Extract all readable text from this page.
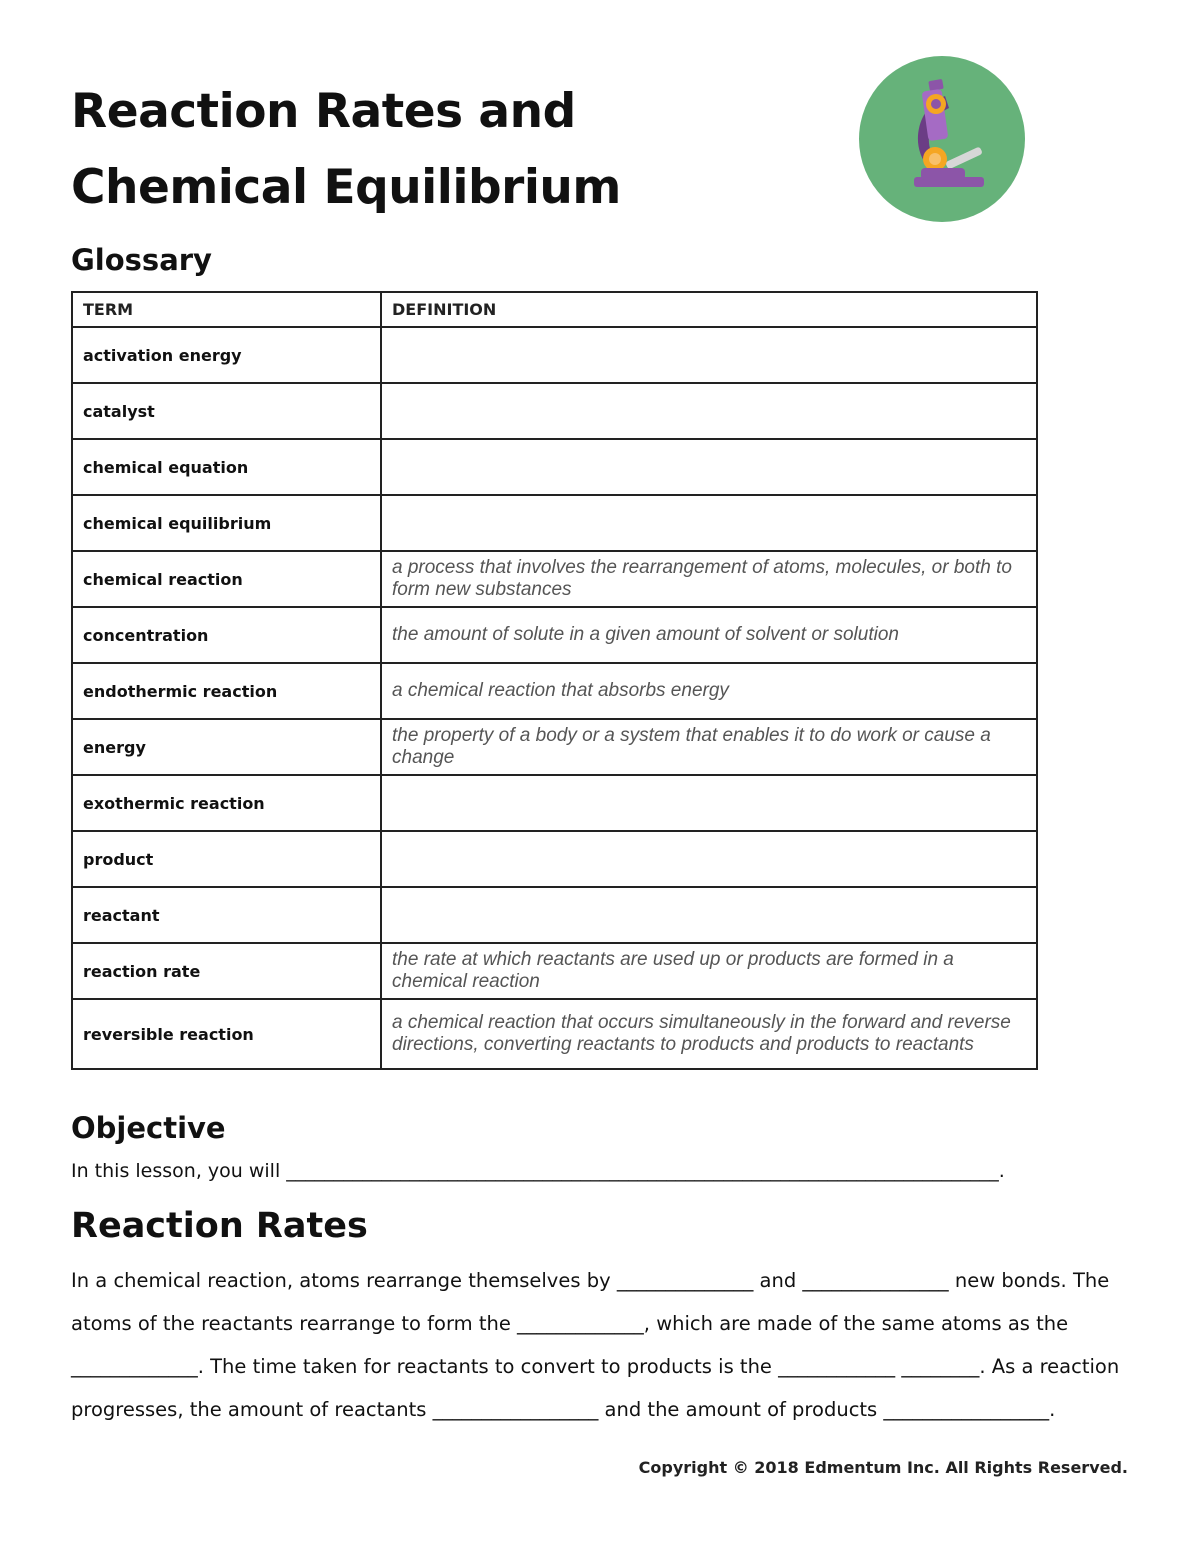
Reaction Rates and
Chemical Equilibrium
Glossary
TERM	DEFINITION
activation energy	
catalyst	
chemical equation	
chemical equilibrium	
chemical reaction	a process that involves the rearrangement of atoms, molecules, or both to form new substances
concentration	the amount of solute in a given amount of solvent or solution
endothermic reaction	a chemical reaction that absorbs energy
energy	the property of a body or a system that enables it to do work or cause a change
exothermic reaction	
product	
reactant	
reaction rate	the rate at which reactants are used up or products are formed in a chemical reaction
reversible reaction	a chemical reaction that occurs simultaneously in the forward and reverse directions, converting reactants to products and products to reactants
Objective

In this lesson, you will ___________________________________________________________________________.

Reaction Rates

In a chemical reaction, atoms rearrange themselves by ______________ and _______________ new bonds. The atoms of the reactants rearrange to form the _____________, which are made of the same atoms as the _____________. The time taken for reactants to convert to products is the ____________ ________. As a reaction progresses, the amount of reactants _________________ and the amount of products _________________.

Copyright © 2018 Edmentum Inc. All Rights Reserved.
